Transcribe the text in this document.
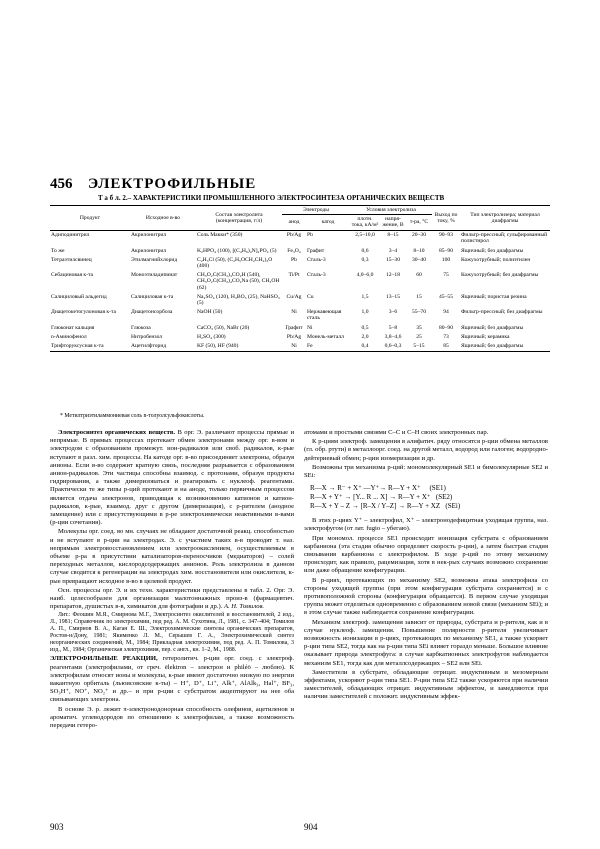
456 ЭЛЕКТРОФИЛЬНЫЕ
Т а б л. 2.– ХАРАКТЕРИСТИКИ ПРОМЫШЛЕННОГО ЭЛЕКТРОСИНТЕЗА ОРГАНИЧЕСКИХ ВЕЩЕСТВ
Продукт	Исходное в-во	Состав электролита (концентрация, г/л)	Электроды		Условия электролиза			Выход по току, %	Тип электролизера; материал диафрагмы
			анод	катод	плотн. тока, кА/м²	напря-жение, В	т-ра, °С		
Адиподинитрил	Акрилонитрил	Соль Макки* (350)	Pb/Ag	Pb	2,5–10,0	8–15	20–30	90–93	Фильтр-прессный; сульфированный полистирол
То же	Акрилонитрил	K₂HPO₄ (100), [(C₄H₉)₄N]₂PO₄ (5)	Fe₃O₄	Графит	0,6	3–4	8–10	85–90	Ящичный; без диафрагмы
Тетраэтилсвинец	Этилмагнийхлорид	C₂H₅Cl (50), (C₂H₅OCH₂CH₂)₂O (400)	Pb	Сталь-3	0,3	15–30	30–40	100	Кожухотрубный; полиэтилен
Себациновая к-та	Моноэтиладипинат	CH₃O₂C(CH₂)₄CO₂H (540), CH₃O₂C(CH₂)₄CO₂Na (50), CH₃OH (62)	Ti/Pt	Сталь-3	4,0–6,0	12–18	60	75	Кожухотрубный; без диафрагмы
Салициловый альдегид	Салициловая к-та	Na₂SO₄ (120), H₃BO₃ (25), NaHSO₃ (5)	Cu/Ag	Cu	1,5	13–15	15	45–55	Ящичный; пористая резина
Диацетокетогулоновая к-та	Диацетонсорбоза	NaOH (50)	Ni	Нержавеющая сталь	1,0	3–6	55–70	94	Фильтр-прессный; без диафрагмы
Глюконат кальция	Глюкоза	CaCO₃ (50), NaBr (20)	Графит	Ni	0,5	5–8	35	80–90	Ящичный; без диафрагмы
n-Аминофенол	Нитробензол	H₂SO₄ (300)	Pb/Ag	Монель-металл	2,0	3,8–4,6	25	73	Ящичный; керамика
Трифторуксусная к-та	Ацетилфторид	KF (50), HF (940)	Ni	Fe	0,4	0,6–0,3	5–15	85	Ящичный; без диафрагмы
* Метилтриэтиламмониевая соль n-толуолсульфокислоты.

Электросинтез органических веществ. В орг. Э. различают процессы прямые и непрямые. В прямых процессах протекает обмен электронами между орг. в-вом и электродом с образованием промежут. ион-радикалов или своб. радикалов, к-рые вступают в разл. хим. процессы. На катоде орг. в-во присоединяет электроны, образуя анионы. Если в-во содержит кратную связь, последняя разрывается с образованием анион-радикалов. Эти частицы способны взаимод. с протонами, образуя продукты гидрирования, а также димеризоваться и реагировать с нуклеоф. реагентами. Практически те же типы р-ций протекают и на аноде, только первичным процессом является отдача электронов, приводящая к возникновению катионов и катион-радикалов, к-рые, взаимод. друг с другом (димеризация), с р-рителем (анодное замещение) или с присутствующими в р-ре электрохимически неактивными в-вами (р-ции сочетания).

Молекулы орг. соед. во мн. случаях не обладают достаточной реакц. способностью и не вступают в р-ции на электродах. Э. с участием таких в-в проводят т. наз. непрямым электровосстановлением или электроокислением, осуществляемым в объеме р-ра в присутствии катализаторов-переносчиков (медиаторов) – солей переходных металлов, кислородсодержащих анионов. Роль электролиза в данном случае сводится к регенерации на электродах хим. восстановителя или окислителя, к-рые превращают исходное в-во в целевой продукт.

Осн. процессы орг. Э. и их техн. характеристики представлены в табл. 2. Орг. Э. наиб. целесообразен для организации малотоннажных произ-в (фармацевтич. препаратов, душистых в-в, химикатов для фотографии и др.). А. Н. Томилов.

Лит.: Феошин М.Я., Смирнова М.Г., Электросинтез окислителей и восстановителей, 2 изд., Л., 1981; Справочник по электрохимии, под ред. А. М. Сухотина, Л., 1981, с. 347–404; Томилов А. П., Смирнов В. А., Каган Е. Ш., Электрохимические синтезы органических препаратов, Ростов-н/Дону, 1981; Якименко Л. М., Серышев Г. А., Электрохимический синтез неорганических соединений, М., 1984; Прикладная электрохимия, под ред. А. П. Томилова, 3 изд., М., 1984; Органическая электрохимия, пер. с англ., кн. 1–2, М., 1988.

ЭЛЕКТРОФИЛЬНЫЕ РЕАКЦИИ, гетеролитич. р-ции орг. соед. с электроф. реагентами (электрофилами, от греч. ēlektron – электрон и philéō – люблю). К электрофилам относят ионы и молекулы, к-рые имеют достаточно низкую по энергии вакантную орбиталь (льюисовские к-ты) – H⁺, D⁺, Li⁺, Alk⁺, AlAlk₃, Hal⁺, BF₃, SO₃H⁺, NO⁺, NO₂⁺ и др.– и при р-ции с субстратом акцептируют на нее оба связывающих электрона.

В основе Э. р. лежит π-электронодонорная способность олефинов, ацетиленов и ароматич. углеводородов по отношению к электрофилам, а также возможность передачи гетеро-

атомами и простыми связями С–С и С–Н своих электронных пар.

К р-циям электроф. замещения в алифатич. ряду относятся р-ции обмена металлов (гл. обр. ртути) в металлоорг. соед. на другой металл, водород или галоген; водородно-дейтериевый обмен; р-ции изомеризации и др.

Возможны три механизма р-ций: мономолекулярный SE1 и бимолекулярные SE2 и SEi:

R—X → R⁻ + X⁺ —Y⁺→ R—Y + X⁺ (SE1)
R—X + Y⁺ → [Y... R ... X] → R—Y + X⁺ (SE2)
R—X + Y – Z → [R–X / Y–Z] → R—Y + XZ (SEi)

В этих р-циях Y⁺ – электрофил, X⁺ – электронодефицитная уходящая группа, наз. электрофугом (от лат. fugio – убегаю).

При мономол. процессе SE1 происходит ионизация субстрата с образованием карбаниона (эта стадия обычно определяет скорость р-ции), а затем быстрая стадия связывания карбаниона с электрофилом. В ходе р-ций по этому механизму происходит, как правило, рацемизация, хотя в нек-рых случаях возможно сохранение или даже обращение конфигурации.

В р-циях, протекающих по механизму SE2, возможна атака электрофила со стороны уходящей группы (при этом конфигурация субстрата сохраняется) и с противоположной стороны (конфигурация обращается). В первом случае уходящая группа может отделяться одновременно с образованием новой связи (механизм SEi); и в этом случае также наблюдается сохранение конфигурации.

Механизм электроф. замещения зависит от природы, субстрата и р-рителя, как и в случае нуклеоф. замещения. Повышение полярности р-рителя увеличивает возможность ионизации в р-циях, протекающих по механизму SE1, а также ускоряет р-ции типа SE2, тогда как на р-ции типа SEi влияет гораздо меньше. Большое влияние оказывает природа электрофуга: в случае карбкатионных электрофугов наблюдается механизм SE1, тогда как для металлсодержащих – SE2 или SEi.

Заместители в субстрате, обладающие отрицат. индуктивным и мезомерным эффектами, ускоряют р-ции типа SE1. Р-ции типа SE2 также ускоряются при наличии заместителей, обладающих отрицат. индуктивным эффектом, и замедляются при наличии заместителей с положит. индуктивным эффек-

903	904
